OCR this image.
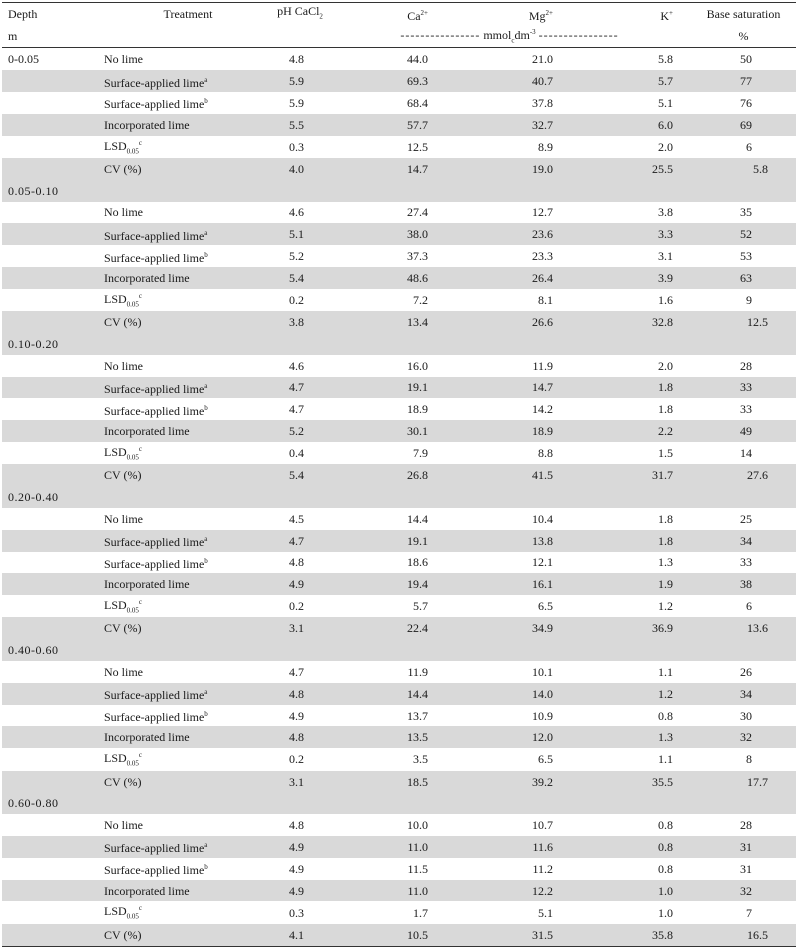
Depth	Treatment	pH CaCl$_2$	$Ca^{2+}$	$Mg^{2+}$	K+	Base saturation
m			---------------- $mmol_cdm^{-3}$ ----------------			%
0-0.05	No lime	4.8	44.0	21.0	5.8	50
	Surface-applied lime$^a$	5.9	69.3	40.7	5.7	77
	Surface-applied lime$^b$	5.9	68.4	37.8	5.1	76
	Incorporated lime	5.5	57.7	32.7	6.0	69
	$LSD_{0.05}^c$	0.3	12.5	8.9	2.0	6
	CV (%)	4.0	14.7	19.0	25.5	5.8
0.05-0.10						
	No lime	4.6	27.4	12.7	3.8	35
	Surface-applied lime$^a$	5.1	38.0	23.6	3.3	52
	Surface-applied lime$^b$	5.2	37.3	23.3	3.1	53
	Incorporated lime	5.4	48.6	26.4	3.9	63
	$LSD_{0.05}^c$	0.2	7.2	8.1	1.6	9
	CV (%)	3.8	13.4	26.6	32.8	12.5
0.10-0.20						
	No lime	4.6	16.0	11.9	2.0	28
	Surface-applied lime$^a$	4.7	19.1	14.7	1.8	33
	Surface-applied lime$^b$	4.7	18.9	14.2	1.8	33
	Incorporated lime	5.2	30.1	18.9	2.2	49
	$LSD_{0.05}^c$	0.4	7.9	8.8	1.5	14
	CV (%)	5.4	26.8	41.5	31.7	27.6
0.20-0.40						
	No lime	4.5	14.4	10.4	1.8	25
	Surface-applied lime$^a$	4.7	19.1	13.8	1.8	34
	Surface-applied lime$^b$	4.8	18.6	12.1	1.3	33
	Incorporated lime	4.9	19.4	16.1	1.9	38
	$LSD_{0.05}^c$	0.2	5.7	6.5	1.2	6
	CV (%)	3.1	22.4	34.9	36.9	13.6
0.40-0.60						
	No lime	4.7	11.9	10.1	1.1	26
	Surface-applied lime$^a$	4.8	14.4	14.0	1.2	34
	Surface-applied lime$^b$	4.9	13.7	10.9	0.8	30
	Incorporated lime	4.8	13.5	12.0	1.3	32
	$LSD_{0.05}^c$	0.2	3.5	6.5	1.1	8
	CV (%)	3.1	18.5	39.2	35.5	17.7
0.60-0.80						
	No lime	4.8	10.0	10.7	0.8	28
	Surface-applied lime$^a$	4.9	11.0	11.6	0.8	31
	Surface-applied lime$^b$	4.9	11.5	11.2	0.8	31
	Incorporated lime	4.9	11.0	12.2	1.0	32
	$LSD_{0.05}^c$	0.3	1.7	5.1	1.0	7
	CV (%)	4.1	10.5	31.5	35.8	16.5
